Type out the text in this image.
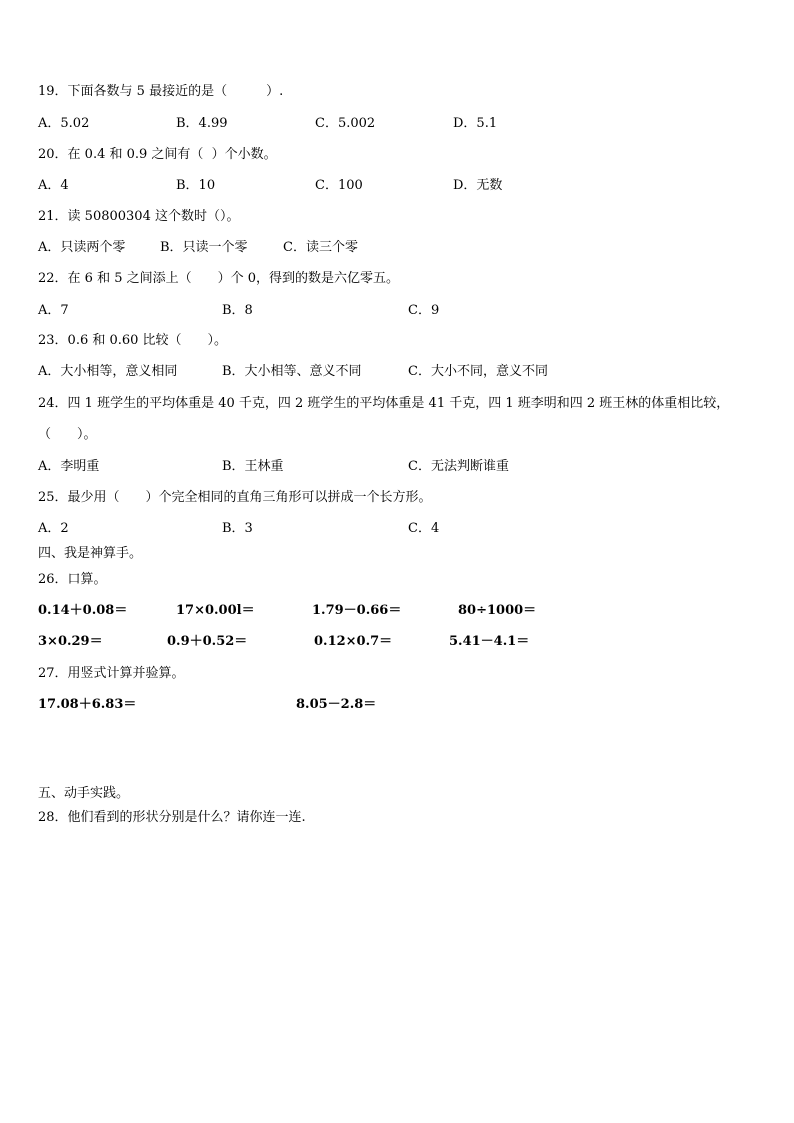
19．下面各数与 5 最接近的是（　　　）.
A．5.02	B．4.99	C．5.002	D．5.1
20．在 0.4 和 0.9 之间有（  ）个小数。
A．4	B．10	C．100	D．无数
21．读 50800304 这个数时（）。
A．只读两个零	B．只读一个零	C．读三个零
22．在 6 和 5 之间添上（　　）个 0，得到的数是六亿零五。
A．7	B．8	C．9
23．0.6 和 0.60 比较（　　）。
A．大小相等，意义相同	B．大小相等、意义不同	C．大小不同，意义不同
24．四 1 班学生的平均体重是 40 千克，四 2 班学生的平均体重是 41 千克，四 1 班李明和四 2 班王林的体重相比较，
（　　）。
A．李明重	B．王林重	C．无法判断谁重
25．最少用（　　）个完全相同的直角三角形可以拼成一个长方形。
A．2	B．3	C．4
四、我是神算手。
26．口算。
0.14＋0.08＝	17×0.00l＝	1.79－0.66＝	80÷1000＝
3×0.29＝	0.9＋0.52＝	0.12×0.7＝	5.41－4.1＝
27．用竖式计算并验算。
17.08＋6.83＝	8.05－2.8＝
五、动手实践。
28．他们看到的形状分别是什么？请你连一连.
